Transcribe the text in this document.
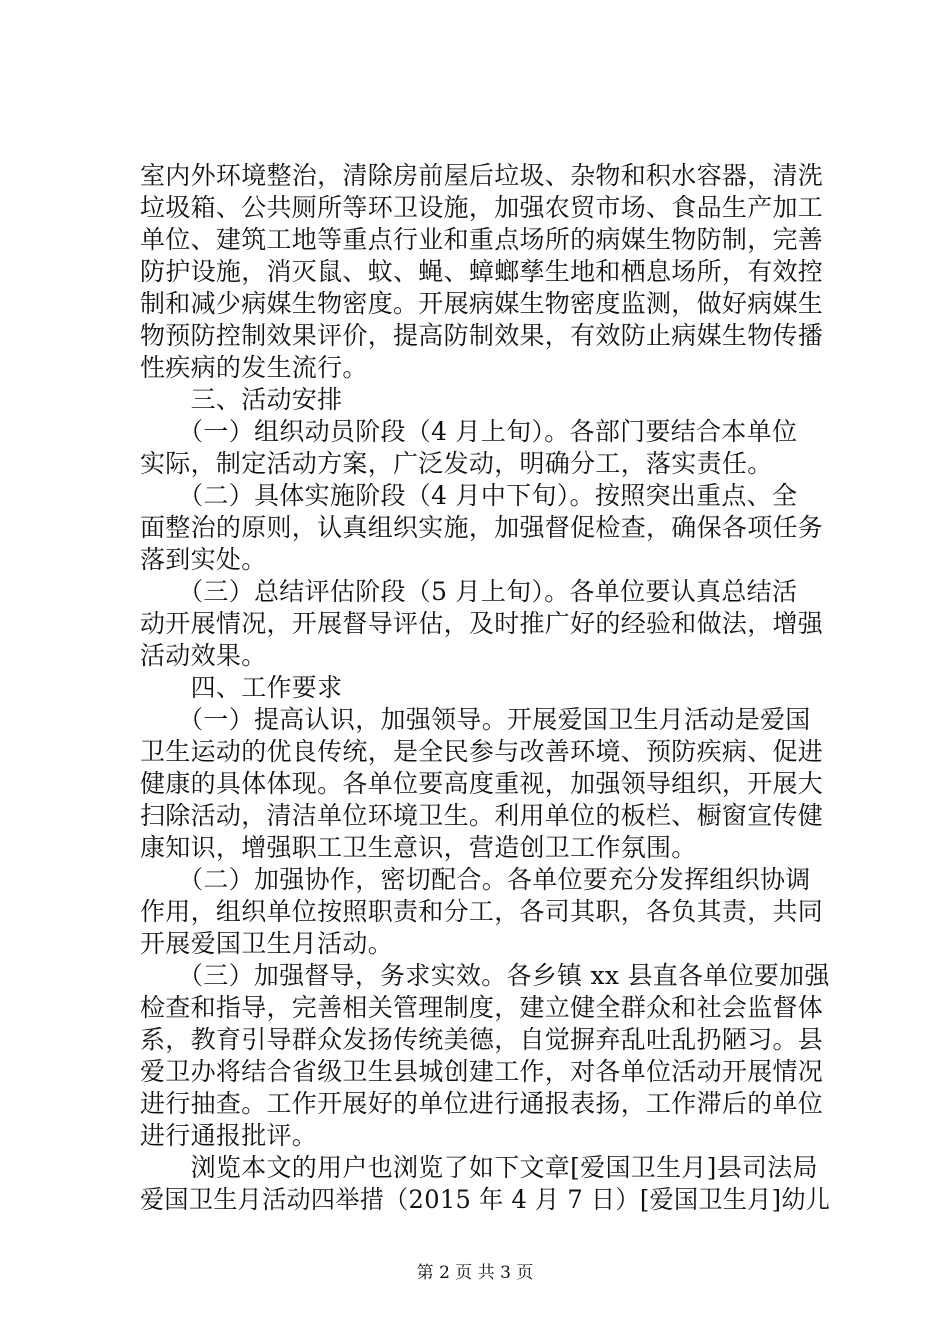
室内外环境整治，清除房前屋后垃圾、杂物和积水容器，清洗
垃圾箱、公共厕所等环卫设施，加强农贸市场、食品生产加工
单位、建筑工地等重点行业和重点场所的病媒生物防制，完善
防护设施，消灭鼠、蚊、蝇、蟑螂孳生地和栖息场所，有效控
制和减少病媒生物密度。开展病媒生物密度监测，做好病媒生
物预防控制效果评价，提高防制效果，有效防止病媒生物传播
性疾病的发生流行。
　　三、活动安排
　　（一）组织动员阶段（4 月上旬）。各部门要结合本单位
实际，制定活动方案，广泛发动，明确分工，落实责任。
　　（二）具体实施阶段（4 月中下旬）。按照突出重点、全
面整治的原则，认真组织实施，加强督促检查，确保各项任务
落到实处。
　　（三）总结评估阶段（5 月上旬）。各单位要认真总结活
动开展情况，开展督导评估，及时推广好的经验和做法，增强
活动效果。
　　四、工作要求
　　（一）提高认识，加强领导。开展爱国卫生月活动是爱国
卫生运动的优良传统，是全民参与改善环境、预防疾病、促进
健康的具体体现。各单位要高度重视，加强领导组织，开展大
扫除活动，清洁单位环境卫生。利用单位的板栏、橱窗宣传健
康知识，增强职工卫生意识，营造创卫工作氛围。
　　（二）加强协作，密切配合。各单位要充分发挥组织协调
作用，组织单位按照职责和分工，各司其职，各负其责，共同
开展爱国卫生月活动。
　　（三）加强督导，务求实效。各乡镇 xx 县直各单位要加强
检查和指导，完善相关管理制度，建立健全群众和社会监督体
系，教育引导群众发扬传统美德，自觉摒弃乱吐乱扔陋习。县
爱卫办将结合省级卫生县城创建工作，对各单位活动开展情况
进行抽查。工作开展好的单位进行通报表扬，工作滞后的单位
进行通报批评。
　　浏览本文的用户也浏览了如下文章[爱国卫生月]县司法局
爱国卫生月活动四举措（2015 年 4 月 7 日）[爱国卫生月]幼儿
第 2 页 共 3 页
